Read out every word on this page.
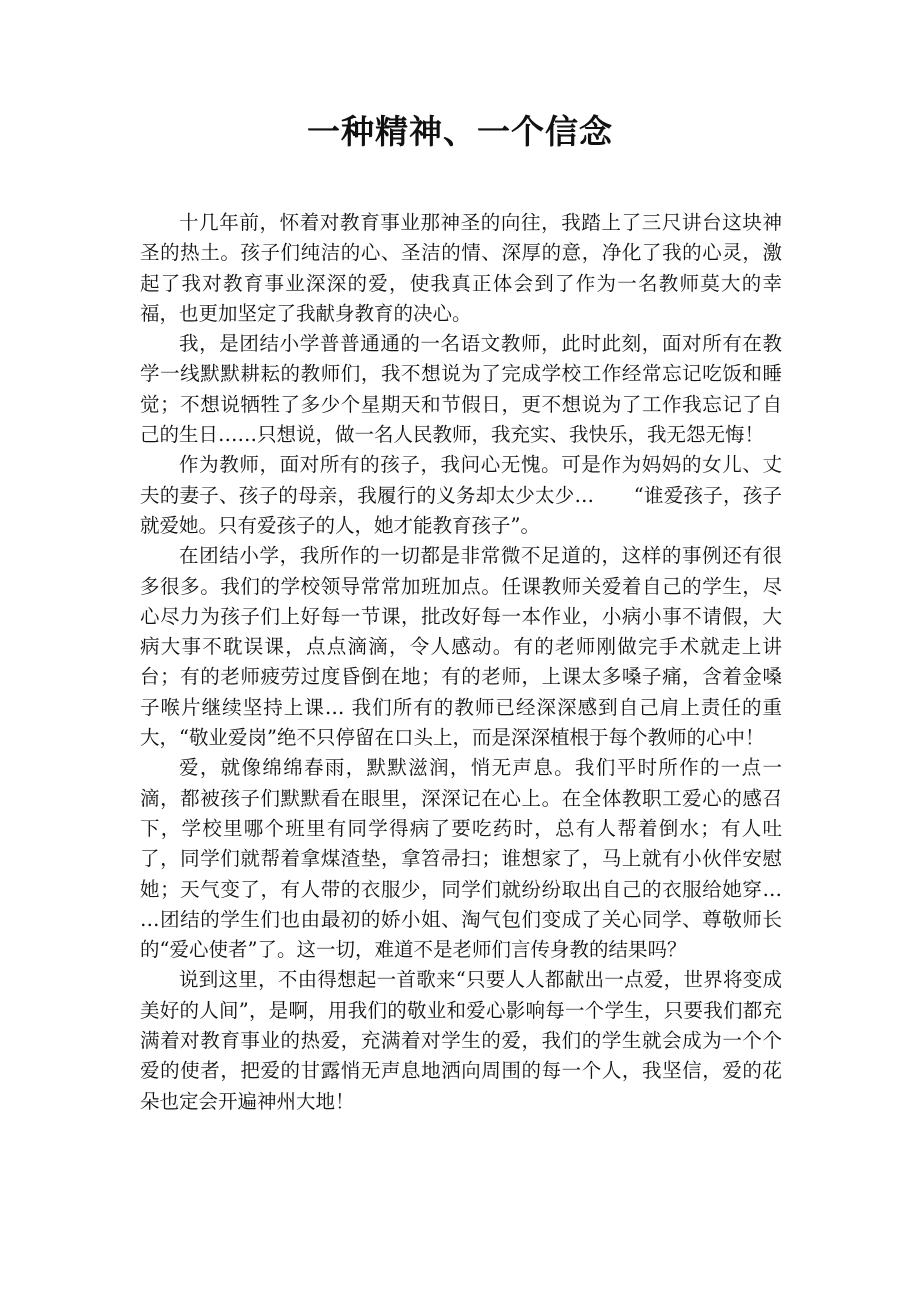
一种精神、一个信念

十几年前，怀着对教育事业那神圣的向往，我踏上了三尺讲台这块神圣的热土。孩子们纯洁的心、圣洁的情、深厚的意，净化了我的心灵，激起了我对教育事业深深的爱，使我真正体会到了作为一名教师莫大的幸福，也更加坚定了我献身教育的决心。

我，是团结小学普普通通的一名语文教师，此时此刻，面对所有在教学一线默默耕耘的教师们，我不想说为了完成学校工作经常忘记吃饭和睡觉；不想说牺牲了多少个星期天和节假日，更不想说为了工作我忘记了自己的生日……只想说，做一名人民教师，我充实、我快乐，我无怨无悔！

作为教师，面对所有的孩子，我问心无愧。可是作为妈妈的女儿、丈夫的妻子、孩子的母亲，我履行的义务却太少太少…　　“谁爱孩子，孩子就爱她。只有爱孩子的人，她才能教育孩子”。

在团结小学，我所作的一切都是非常微不足道的，这样的事例还有很多很多。我们的学校领导常常加班加点。任课教师关爱着自己的学生，尽心尽力为孩子们上好每一节课，批改好每一本作业，小病小事不请假，大病大事不耽误课，点点滴滴，令人感动。有的老师刚做完手术就走上讲台；有的老师疲劳过度昏倒在地；有的老师，上课太多嗓子痛，含着金嗓子喉片继续坚持上课… 我们所有的教师已经深深感到自己肩上责任的重大，“敬业爱岗”绝不只停留在口头上，而是深深植根于每个教师的心中！

爱，就像绵绵春雨，默默滋润，悄无声息。我们平时所作的一点一滴，都被孩子们默默看在眼里，深深记在心上。在全体教职工爱心的感召下，学校里哪个班里有同学得病了要吃药时，总有人帮着倒水；有人吐了，同学们就帮着拿煤渣垫，拿笤帚扫；谁想家了，马上就有小伙伴安慰她；天气变了，有人带的衣服少，同学们就纷纷取出自己的衣服给她穿… …团结的学生们也由最初的娇小姐、淘气包们变成了关心同学、尊敬师长的“爱心使者”了。这一切，难道不是老师们言传身教的结果吗？

说到这里，不由得想起一首歌来“只要人人都献出一点爱，世界将变成美好的人间”，是啊，用我们的敬业和爱心影响每一个学生，只要我们都充满着对教育事业的热爱，充满着对学生的爱，我们的学生就会成为一个个爱的使者，把爱的甘露悄无声息地洒向周围的每一个人，我坚信，爱的花朵也定会开遍神州大地！
